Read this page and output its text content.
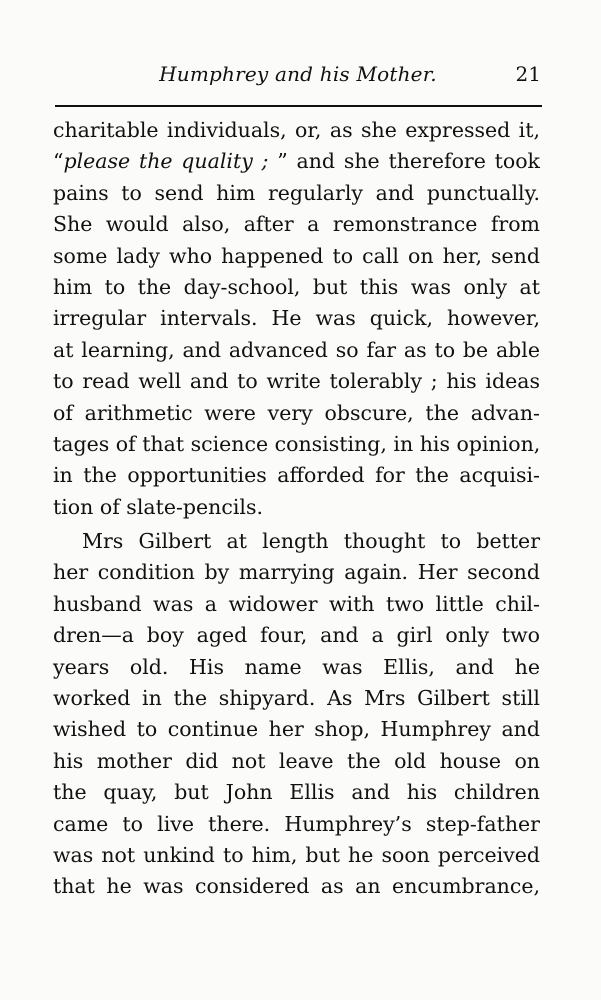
Humphrey and his Mother.	21
charitable individuals, or, as she expressed it,
“please the quality ; ” and she therefore took
pains to send him regularly and punctually.
She would also, after a remonstrance from
some lady who happened to call on her, send
him to the day-school, but this was only at
irregular intervals. He was quick, however,
at learning, and advanced so far as to be able
to read well and to write tolerably ; his ideas
of arithmetic were very obscure, the advan-
tages of that science consisting, in his opinion,
in the opportunities afforded for the acquisi-
tion of slate-pencils.
Mrs Gilbert at length thought to better
her condition by marrying again. Her second
husband was a widower with two little chil-
dren—a boy aged four, and a girl only two
years old. His name was Ellis, and he
worked in the shipyard. As Mrs Gilbert still
wished to continue her shop, Humphrey and
his mother did not leave the old house on
the quay, but John Ellis and his children
came to live there. Humphrey’s step-father
was not unkind to him, but he soon perceived
that he was considered as an encumbrance,
